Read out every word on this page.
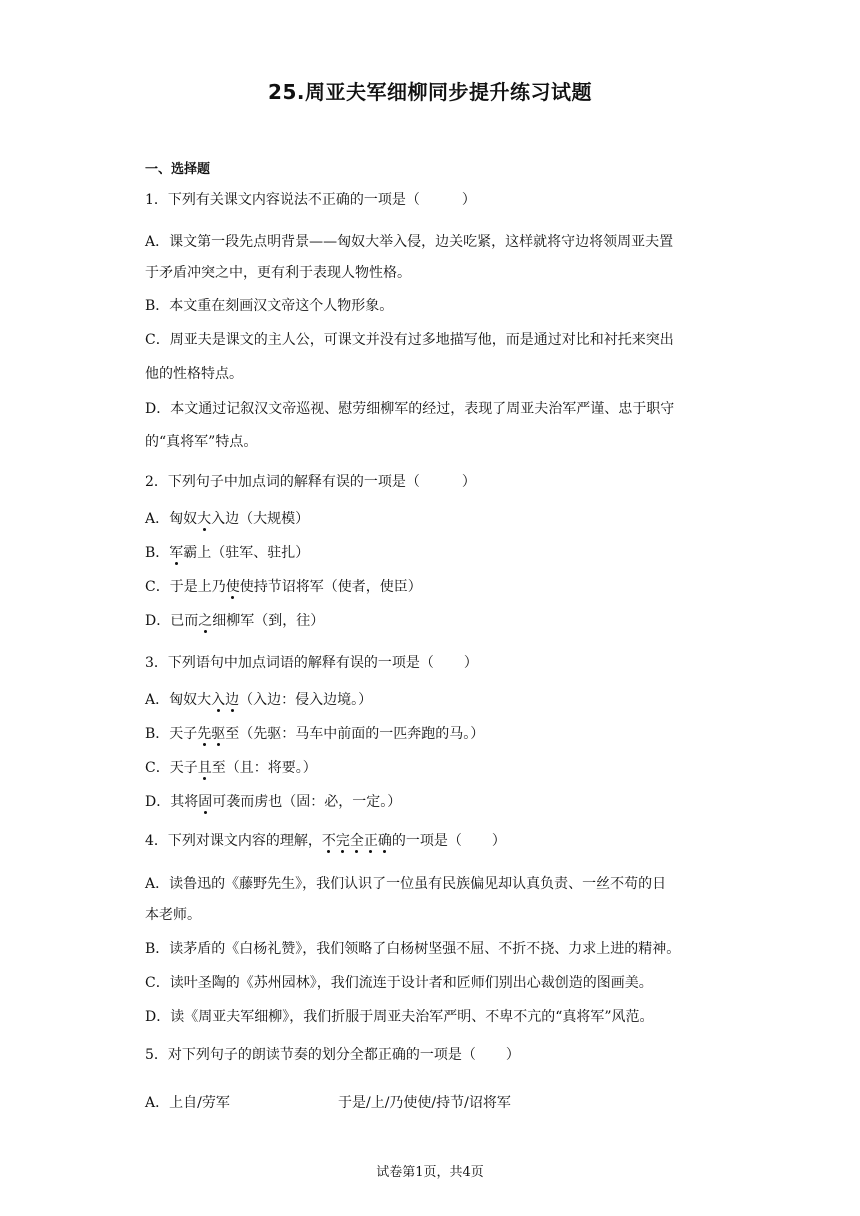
25.周亚夫军细柳同步提升练习试题
一、选择题
1．下列有关课文内容说法不正确的一项是（	）
A．课文第一段先点明背景——匈奴大举入侵，边关吃紧，这样就将守边将领周亚夫置
于矛盾冲突之中，更有利于表现人物性格。
B．本文重在刻画汉文帝这个人物形象。
C．周亚夫是课文的主人公，可课文并没有过多地描写他，而是通过对比和衬托来突出
他的性格特点。
D．本文通过记叙汉文帝巡视、慰劳细柳军的经过，表现了周亚夫治军严谨、忠于职守
的“真将军”特点。
2．下列句子中加点词的解释有误的一项是（	）
A．匈奴大入边（大规模）
B．军霸上（驻军、驻扎）
C．于是上乃使使持节诏将军（使者，使臣）
D．已而之细柳军（到，往）
3．下列语句中加点词语的解释有误的一项是（ ）
A．匈奴大入边（入边：侵入边境。）
B．天子先驱至（先驱：马车中前面的一匹奔跑的马。）
C．天子且至（且：将要。）
D．其将固可袭而虏也（固：必，一定。）
4．下列对课文内容的理解，不完全正确的一项是（ ）
A．读鲁迅的《藤野先生》，我们认识了一位虽有民族偏见却认真负责、一丝不苟的日
本老师。
B．读茅盾的《白杨礼赞》，我们领略了白杨树坚强不屈、不折不挠、力求上进的精神。
C．读叶圣陶的《苏州园林》，我们流连于设计者和匠师们别出心裁创造的图画美。
D．读《周亚夫军细柳》，我们折服于周亚夫治军严明、不卑不亢的“真将军”风范。
5．对下列句子的朗读节奏的划分全都正确的一项是（ ）
A．上自/劳军	于是/上/乃使使/持节/诏将军
试卷第1页，共4页
